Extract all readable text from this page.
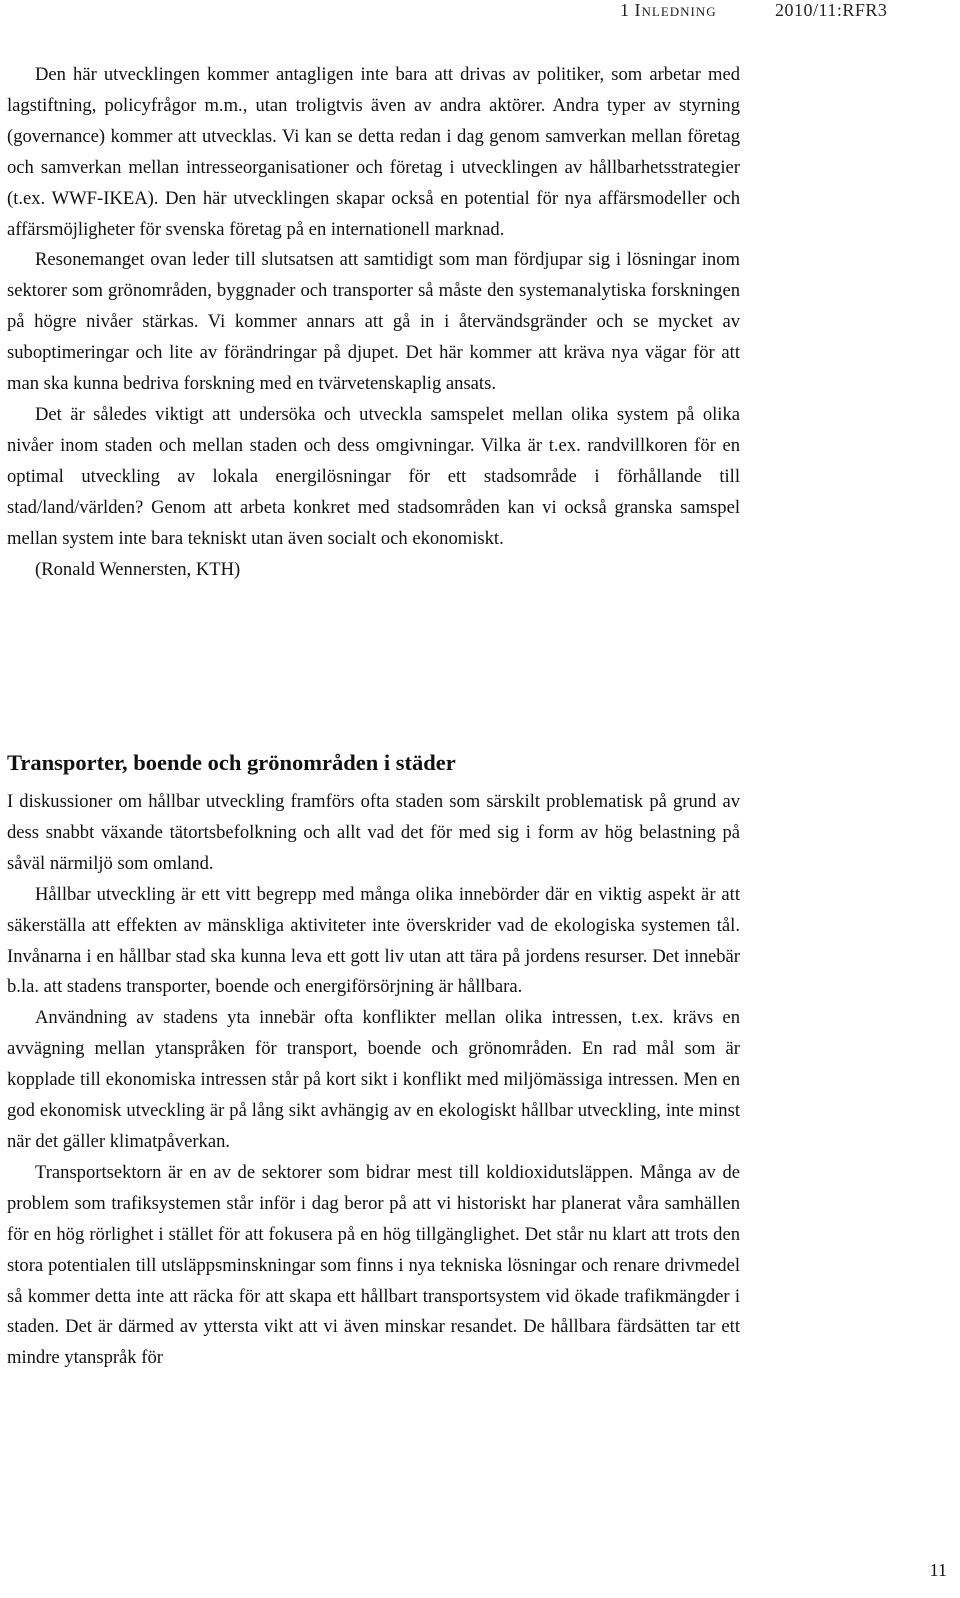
1 Inledning	2010/11:RFR3

Den här utvecklingen kommer antagligen inte bara att drivas av politiker, som arbetar med lagstiftning, policyfrågor m.m., utan troligtvis även av andra aktörer. Andra typer av styrning (governance) kommer att utvecklas. Vi kan se detta redan i dag genom samverkan mellan företag och samverkan mellan intresseorganisationer och företag i utvecklingen av hållbarhetsstrategier (t.ex. WWF-IKEA). Den här utvecklingen skapar också en potential för nya affärsmodeller och affärsmöjligheter för svenska företag på en internationell marknad.

Resonemanget ovan leder till slutsatsen att samtidigt som man fördjupar sig i lösningar inom sektorer som grönområden, byggnader och transporter så måste den systemanalytiska forskningen på högre nivåer stärkas. Vi kommer annars att gå in i återvändsgränder och se mycket av suboptimeringar och lite av förändringar på djupet. Det här kommer att kräva nya vägar för att man ska kunna bedriva forskning med en tvärvetenskaplig ansats.

Det är således viktigt att undersöka och utveckla samspelet mellan olika system på olika nivåer inom staden och mellan staden och dess omgivningar. Vilka är t.ex. randvillkoren för en optimal utveckling av lokala energilösningar för ett stadsområde i förhållande till stad/land/världen? Genom att arbeta konkret med stadsområden kan vi också granska samspel mellan system inte bara tekniskt utan även socialt och ekonomiskt.

(Ronald Wennersten, KTH)

Transporter, boende och grönområden i städer

I diskussioner om hållbar utveckling framförs ofta staden som särskilt problematisk på grund av dess snabbt växande tätortsbefolkning och allt vad det för med sig i form av hög belastning på såväl närmiljö som omland.

Hållbar utveckling är ett vitt begrepp med många olika innebörder där en viktig aspekt är att säkerställa att effekten av mänskliga aktiviteter inte överskrider vad de ekologiska systemen tål. Invånarna i en hållbar stad ska kunna leva ett gott liv utan att tära på jordens resurser. Det innebär b.la. att stadens transporter, boende och energiförsörjning är hållbara.

Användning av stadens yta innebär ofta konflikter mellan olika intressen, t.ex. krävs en avvägning mellan ytanspråken för transport, boende och grönområden. En rad mål som är kopplade till ekonomiska intressen står på kort sikt i konflikt med miljömässiga intressen. Men en god ekonomisk utveckling är på lång sikt avhängig av en ekologiskt hållbar utveckling, inte minst när det gäller klimatpåverkan.

Transportsektorn är en av de sektorer som bidrar mest till koldioxidutsläppen. Många av de problem som trafiksystemen står inför i dag beror på att vi historiskt har planerat våra samhällen för en hög rörlighet i stället för att fokusera på en hög tillgänglighet. Det står nu klart att trots den stora potentialen till utsläppsminskningar som finns i nya tekniska lösningar och renare drivmedel så kommer detta inte att räcka för att skapa ett hållbart transportsystem vid ökade trafikmängder i staden. Det är därmed av yttersta vikt att vi även minskar resandet. De hållbara färdsätten tar ett mindre ytanspråk för

11
